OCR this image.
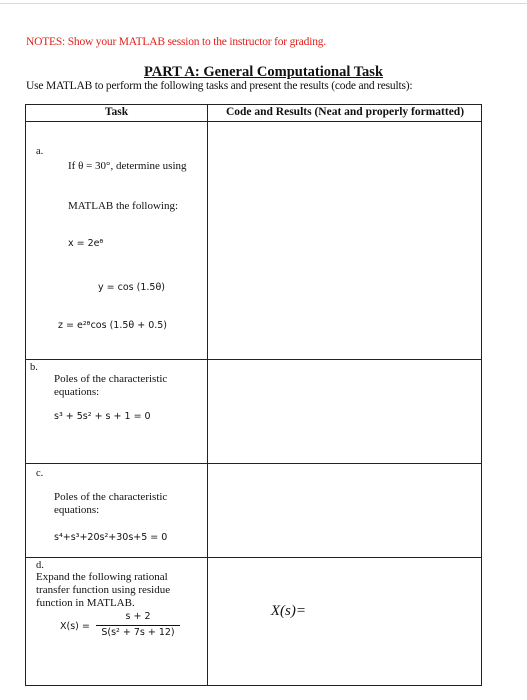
NOTES: Show your MATLAB session to the instructor for grading.
PART A: General Computational Task
Use MATLAB to perform the following tasks and present the results (code and results):
Task	Code and Results (Neat and properly formatted)
a.
If θ = 30°, determine using
MATLAB the following:
x = 2eᶿ
y = cos (1.5θ)
z = e²ᶿcos (1.5θ + 0.5)
b.
Poles of the characteristic
equations:
s³ + 5s² + s + 1 = 0
c.
Poles of the characteristic
equations:
s⁴+s³+20s²+30s+5 = 0
d.
Expand the following rational
transfer function using residue
function in MATLAB.
X(s) =
s + 2
S(s² + 7s + 12)
X(s)=
